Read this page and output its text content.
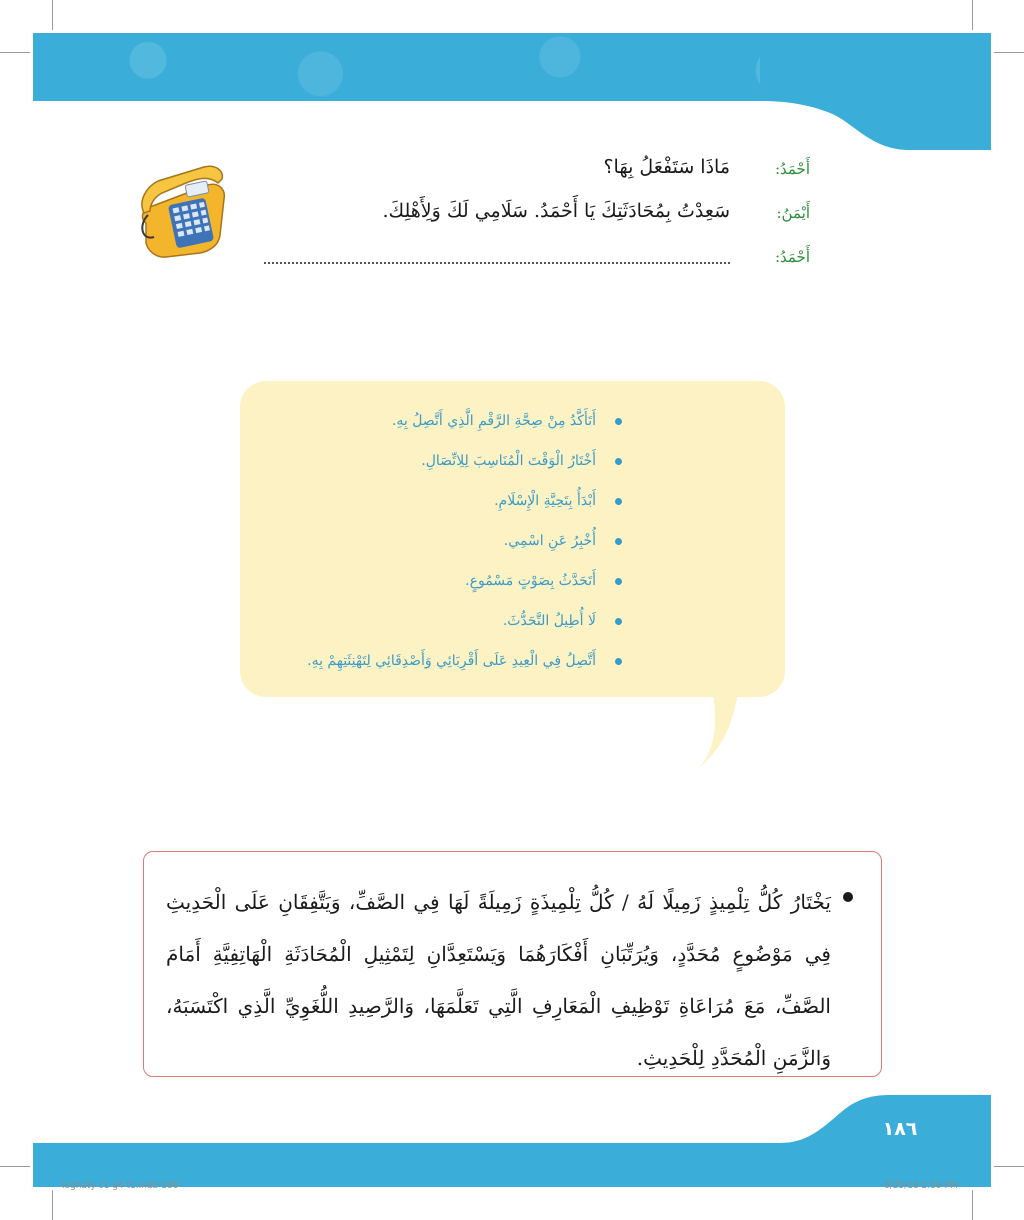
أَحْمَدُ:
مَاذَا سَتَفْعَلُ بِهَا؟
أَيْمَنُ:
سَعِدْتُ بِمُحَادَثَتِكَ يَا أَحْمَدُ. سَلَامِي لَكَ وَلِأَهْلِكَ.
أَحْمَدُ:
أَتَأَكَّدُ مِنْ صِحَّةِ الرَّقْمِ الَّذِي أَتَّصِلُ بِهِ.
أَخْتَارُ الْوَقْتَ الْمُنَاسِبَ لِلِاتِّصَالِ.
أَبْدَأُ بِتَحِيَّةِ الْإِسْلَامِ.
أُخْبِرُ عَنِ اسْمِي.
أَتَحَدَّثُ بِصَوْتٍ مَسْمُوعٍ.
لَا أُطِيلُ التَّحَدُّثَ.
أَتَّصِلُ فِي الْعِيدِ عَلَى أَقْرِبَائِي وَأَصْدِقَائِي لِتَهْنِئَتِهِمْ بِهِ.

يَخْتَارُ كُلُّ تِلْمِيذٍ زَمِيلًا لَهُ / كُلُّ تِلْمِيذَةٍ زَمِيلَةً لَهَا فِي الصَّفِّ، وَيَتَّفِقَانِ عَلَى الْحَدِيثِ فِي مَوْضُوعٍ مُحَدَّدٍ، وَيُرَتِّبَانِ أَفْكَارَهُمَا وَيَسْتَعِدَّانِ لِتَمْثِيلِ الْمُحَادَثَةِ الْهَاتِفِيَّةِ أَمَامَ الصَّفِّ، مَعَ مُرَاعَاةِ تَوْظِيفِ الْمَعَارِفِ الَّتِي تَعَلَّمَهَا، وَالرَّصِيدِ اللُّغَوِيِّ الَّذِي اكْتَسَبَهُ، وَالزَّمَنِ الْمُحَدَّدِ لِلْحَدِيثِ.

١٨٦
loghaty c1 g4 t1.indb 186	6/25/18 2:59 PM
